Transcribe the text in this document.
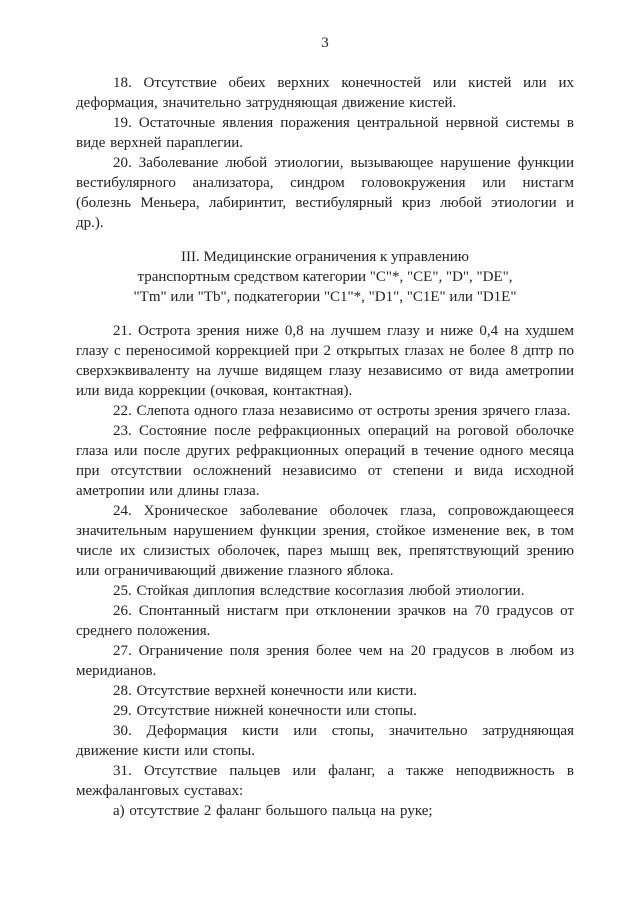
3

18. Отсутствие обеих верхних конечностей или кистей или их деформация, значительно затрудняющая движение кистей.

19. Остаточные явления поражения центральной нервной системы в виде верхней параплегии.

20. Заболевание любой этиологии, вызывающее нарушение функции вестибулярного анализатора, синдром головокружения или нистагм (болезнь Меньера, лабиринтит, вестибулярный криз любой этиологии и др.).

III. Медицинские ограничения к управлению
транспортным средством категории "C"*, "CE", "D", "DE",
"Tm" или "Tb", подкатегории "C1"*, "D1", "C1E" или "D1E"

21. Острота зрения ниже 0,8 на лучшем глазу и ниже 0,4 на худшем глазу с переносимой коррекцией при 2 открытых глазах не более 8 дптр по сверхэквиваленту на лучше видящем глазу независимо от вида аметропии или вида коррекции (очковая, контактная).

22. Слепота одного глаза независимо от остроты зрения зрячего глаза.

23. Состояние после рефракционных операций на роговой оболочке глаза или после других рефракционных операций в течение одного месяца при отсутствии осложнений независимо от степени и вида исходной аметропии или длины глаза.

24. Хроническое заболевание оболочек глаза, сопровождающееся значительным нарушением функции зрения, стойкое изменение век, в том числе их слизистых оболочек, парез мышц век, препятствующий зрению или ограничивающий движение глазного яблока.

25. Стойкая диплопия вследствие косоглазия любой этиологии.

26. Спонтанный нистагм при отклонении зрачков на 70 градусов от среднего положения.

27. Ограничение поля зрения более чем на 20 градусов в любом из меридианов.

28. Отсутствие верхней конечности или кисти.

29. Отсутствие нижней конечности или стопы.

30. Деформация кисти или стопы, значительно затрудняющая движение кисти или стопы.

31. Отсутствие пальцев или фаланг, а также неподвижность в межфаланговых суставах:

а) отсутствие 2 фаланг большого пальца на руке;
